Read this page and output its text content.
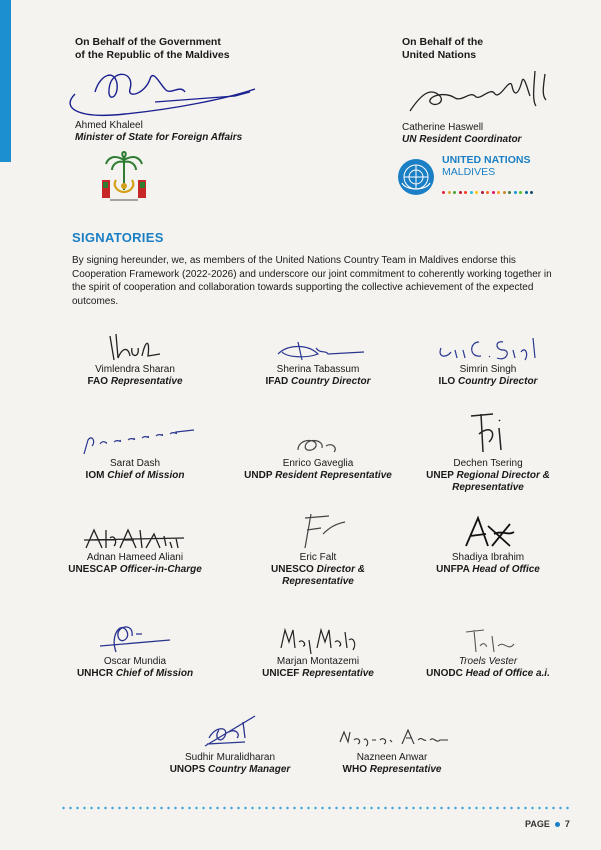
On Behalf of the Government
of the Republic of the Maldives
Ahmed Khaleel
Minister of State for Foreign Affairs
On Behalf of the
United Nations
Catherine Haswell
UN Resident Coordinator
UNITED NATIONS
MALDIVES
SIGNATORIES
By signing hereunder, we, as members of the United Nations Country Team in Maldives endorse this Cooperation Framework (2022-2026) and underscore our joint commitment to coherently working together in the spirit of cooperation and collaboration towards supporting the collective achievement of the expected outcomes.
Vimlendra Sharan
FAO Representative
Sherina Tabassum
IFAD Country Director
Simrin Singh
ILO Country Director
Sarat Dash
IOM Chief of Mission
Enrico Gaveglia
UNDP Resident Representative
Dechen Tsering
UNEP Regional Director &
Representative
Adnan Hameed Aliani
UNESCAP Officer-in-Charge
Eric Falt
UNESCO Director &
Representative
Shadiya Ibrahim
UNFPA Head of Office
Oscar Mundia
UNHCR Chief of Mission
Marjan Montazemi
UNICEF Representative
Troels Vester
UNODC Head of Office a.i.
Sudhir Muralidharan
UNOPS Country Manager
Nazneen Anwar
WHO Representative
PAGE 7
